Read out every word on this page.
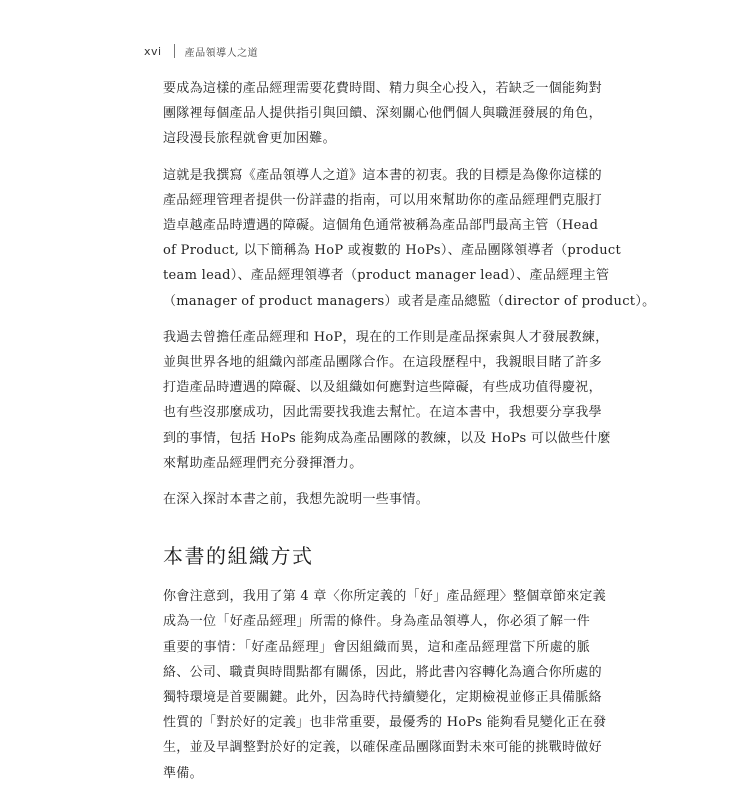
xvi 產品領導人之道

要成為這樣的產品經理需要花費時間、精力與全心投入，若缺乏一個能夠對
團隊裡每個產品人提供指引與回饋、深刻關心他們個人與職涯發展的角色，
這段漫長旅程就會更加困難。

這就是我撰寫《產品領導人之道》這本書的初衷。我的目標是為像你這樣的
產品經理管理者提供一份詳盡的指南，可以用來幫助你的產品經理們克服打
造卓越產品時遭遇的障礙。這個角色通常被稱為產品部門最高主管（Head
of Product, 以下簡稱為 HoP 或複數的 HoPs）、產品團隊領導者（product
team lead）、產品經理領導者（product manager lead）、產品經理主管
（manager of product managers）或者是產品總監（director of product）。

我過去曾擔任產品經理和 HoP，現在的工作則是產品探索與人才發展教練，
並與世界各地的組織內部產品團隊合作。在這段歷程中，我親眼目睹了許多
打造產品時遭遇的障礙、以及組織如何應對這些障礙，有些成功值得慶祝，
也有些沒那麼成功，因此需要找我進去幫忙。在這本書中，我想要分享我學
到的事情，包括 HoPs 能夠成為產品團隊的教練，以及 HoPs 可以做些什麼
來幫助產品經理們充分發揮潛力。

在深入探討本書之前，我想先說明一些事情。

本書的組織方式

你會注意到，我用了第 4 章〈你所定義的「好」產品經理〉整個章節來定義
成為一位「好產品經理」所需的條件。身為產品領導人，你必須了解一件
重要的事情：「好產品經理」會因組織而異，這和產品經理當下所處的脈
絡、公司、職責與時間點都有關係，因此，將此書內容轉化為適合你所處的
獨特環境是首要關鍵。此外，因為時代持續變化，定期檢視並修正具備脈絡
性質的「對於好的定義」也非常重要，最優秀的 HoPs 能夠看見變化正在發
生，並及早調整對於好的定義，以確保產品團隊面對未來可能的挑戰時做好
準備。
